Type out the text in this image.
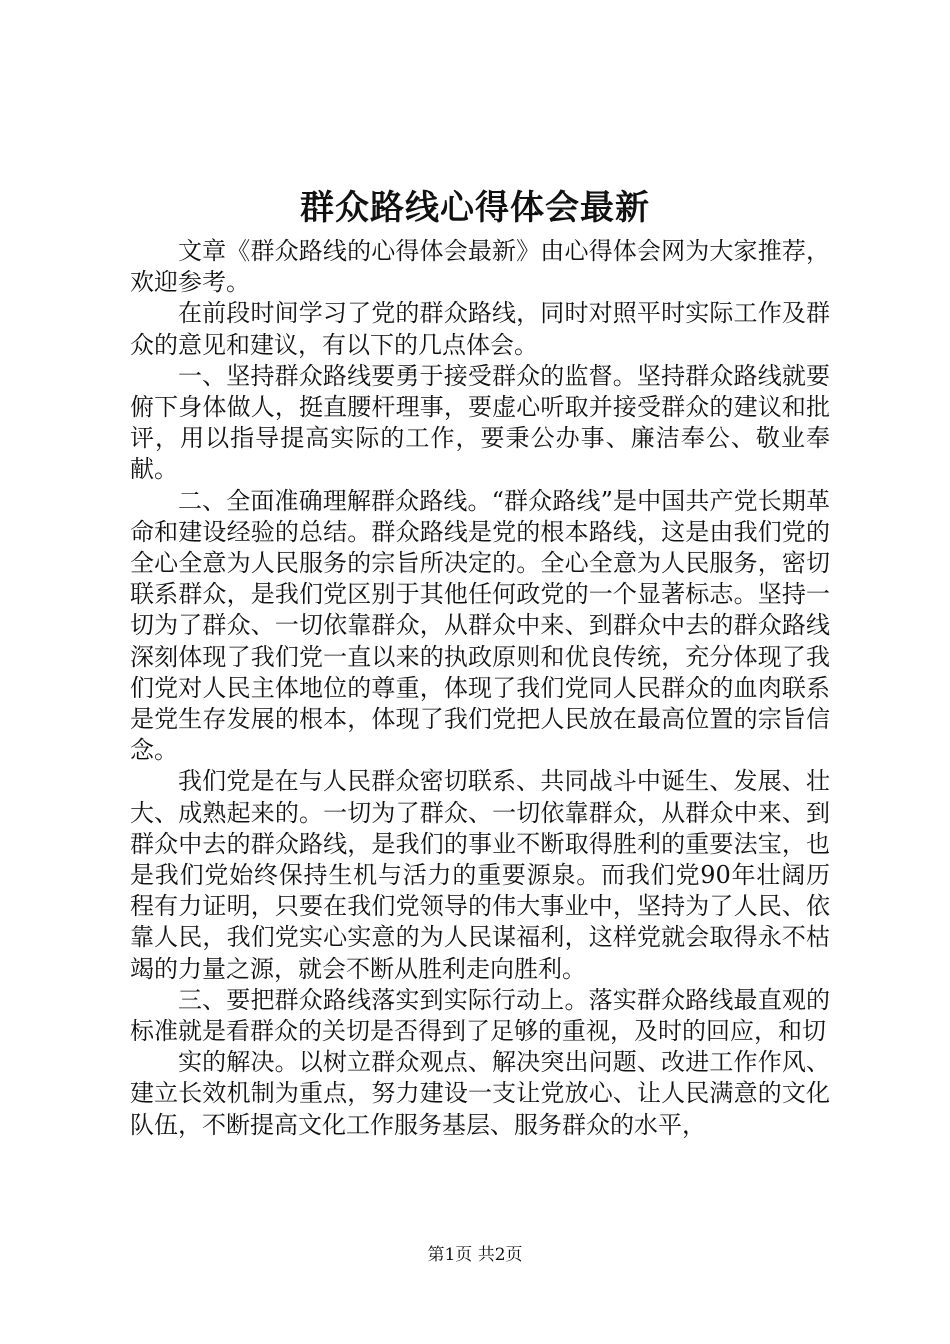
群众路线心得体会最新

文章《群众路线的心得体会最新》由心得体会网为大家推荐，欢迎参考。

在前段时间学习了党的群众路线，同时对照平时实际工作及群众的意见和建议，有以下的几点体会。

一、坚持群众路线要勇于接受群众的监督。坚持群众路线就要俯下身体做人，挺直腰杆理事，要虚心听取并接受群众的建议和批评，用以指导提高实际的工作，要秉公办事、廉洁奉公、敬业奉献。

二、全面准确理解群众路线。“群众路线”是中国共产党长期革命和建设经验的总结。群众路线是党的根本路线，这是由我们党的全心全意为人民服务的宗旨所决定的。全心全意为人民服务，密切联系群众，是我们党区别于其他任何政党的一个显著标志。坚持一切为了群众、一切依靠群众，从群众中来、到群众中去的群众路线深刻体现了我们党一直以来的执政原则和优良传统，充分体现了我们党对人民主体地位的尊重，体现了我们党同人民群众的血肉联系是党生存发展的根本，体现了我们党把人民放在最高位置的宗旨信念。

我们党是在与人民群众密切联系、共同战斗中诞生、发展、壮大、成熟起来的。一切为了群众、一切依靠群众，从群众中来、到群众中去的群众路线，是我们的事业不断取得胜利的重要法宝，也是我们党始终保持生机与活力的重要源泉。而我们党90年壮阔历程有力证明，只要在我们党领导的伟大事业中，坚持为了人民、依靠人民，我们党实心实意的为人民谋福利，这样党就会取得永不枯竭的力量之源，就会不断从胜利走向胜利。

三、要把群众路线落实到实际行动上。落实群众路线最直观的标准就是看群众的关切是否得到了足够的重视，及时的回应，和切

实的解决。以树立群众观点、解决突出问题、改进工作作风、建立长效机制为重点，努力建设一支让党放心、让人民满意的文化队伍，不断提高文化工作服务基层、服务群众的水平，

第1页 共2页
